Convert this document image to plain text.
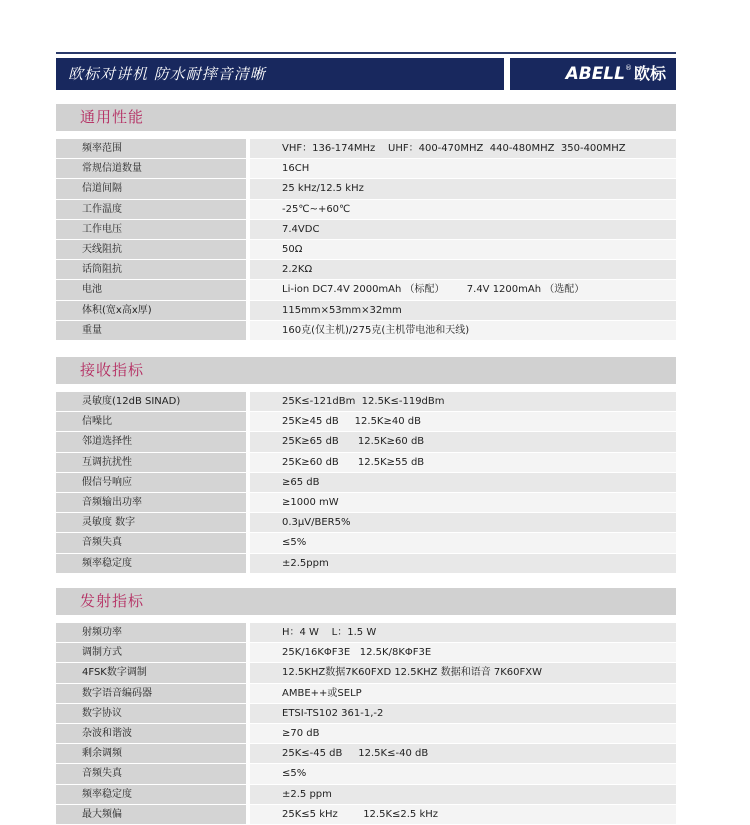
欧标对讲机 防水耐摔音清晰	ABELL® 欧标
通用性能
频率范围	VHF：136-174MHz    UHF：400-470MHZ  440-480MHZ  350-400MHZ
常规信道数量	16CH
信道间隔	25 kHz/12.5 kHz
工作温度	-25℃~+60℃
工作电压	7.4VDC
天线阻抗	50Ω
话筒阻抗	2.2KΩ
电池	Li-ion DC7.4V 2000mAh （标配）       7.4V 1200mAh （选配）
体积(宽x高x厚)	115mm×53mm×32mm
重量	160克(仅主机)/275克(主机带电池和天线)
接收指标
灵敏度(12dB SINAD)	25K≤-121dBm  12.5K≤-119dBm
信噪比	25K≥45 dB     12.5K≥40 dB
邻道选择性	25K≥65 dB      12.5K≥60 dB
互调抗扰性	25K≥60 dB      12.5K≥55 dB
假信号响应	≥65 dB
音频输出功率	≥1000 mW
灵敏度 数字	0.3μV/BER5%
音频失真	≤5%
频率稳定度	±2.5ppm
发射指标
射频功率	H：4 W    L：1.5 W
调制方式	25K/16KΦF3E   12.5K/8KΦF3E
4FSK数字调制	12.5KHZ数据7K60FXD 12.5KHZ 数据和语音 7K60FXW
数字语音编码器	AMBE++或SELP
数字协议	ETSI-TS102 361-1,-2
杂波和谐波	≥70 dB
剩余调频	25K≤-45 dB     12.5K≤-40 dB
音频失真	≤5%
频率稳定度	±2.5 ppm
最大频偏	25K≤5 kHz        12.5K≤2.5 kHz
